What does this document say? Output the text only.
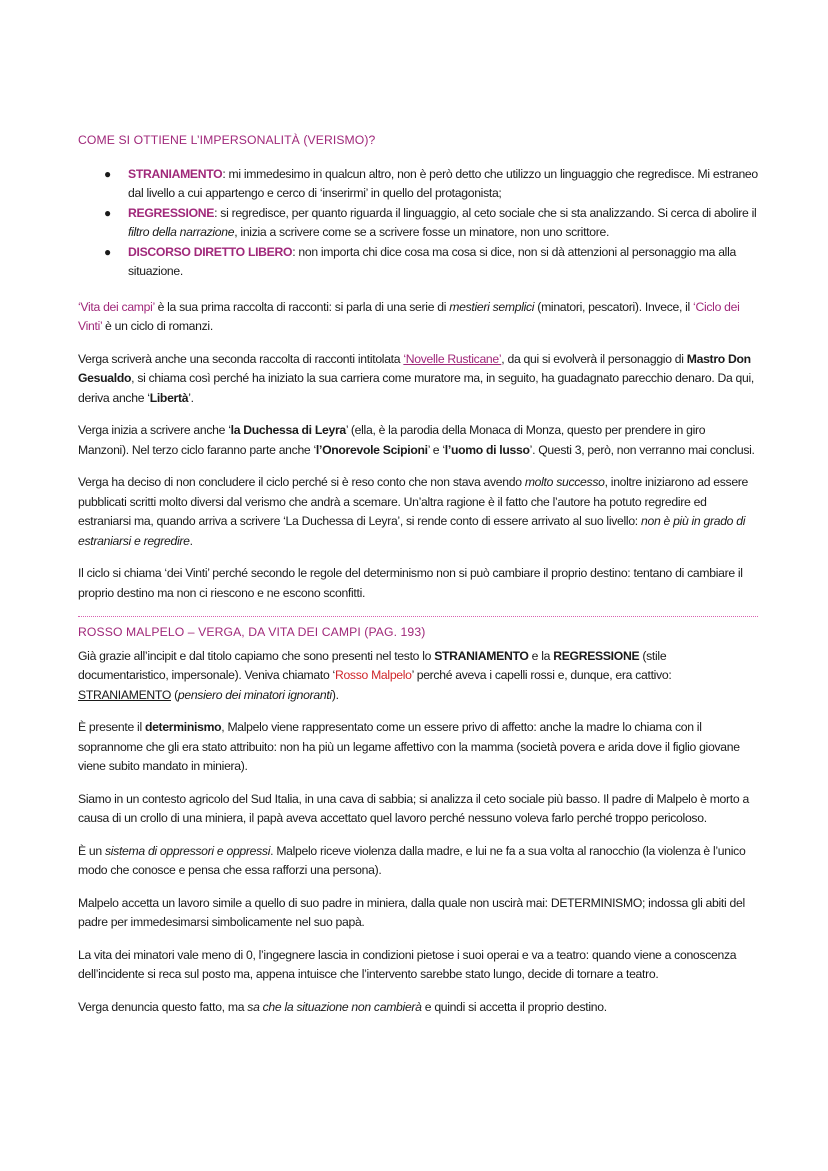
COME SI OTTIENE L’IMPERSONALITÀ (VERISMO)?
● STRANIAMENTO: mi immedesimo in qualcun altro, non è però detto che utilizzo un linguaggio che regredisce. Mi estraneo dal livello a cui appartengo e cerco di ‘inserirmi’ in quello del protagonista;
● REGRESSIONE: si regredisce, per quanto riguarda il linguaggio, al ceto sociale che si sta analizzando. Si cerca di abolire il filtro della narrazione, inizia a scrivere come se a scrivere fosse un minatore, non uno scrittore.
● DISCORSO DIRETTO LIBERO: non importa chi dice cosa ma cosa si dice, non si dà attenzioni al personaggio ma alla situazione.
‘Vita dei campi’ è la sua prima raccolta di racconti: si parla di una serie di mestieri semplici (minatori, pescatori). Invece, il ‘Ciclo dei Vinti’ è un ciclo di romanzi.
Verga scriverà anche una seconda raccolta di racconti intitolata ‘Novelle Rusticane’, da qui si evolverà il personaggio di Mastro Don Gesualdo, si chiama così perché ha iniziato la sua carriera come muratore ma, in seguito, ha guadagnato parecchio denaro. Da qui, deriva anche ‘Libertà’.
Verga inizia a scrivere anche ‘la Duchessa di Leyra’ (ella, è la parodia della Monaca di Monza, questo per prendere in giro Manzoni). Nel terzo ciclo faranno parte anche ‘l’Onorevole Scipioni’ e ‘l’uomo di lusso’. Questi 3, però, non verranno mai conclusi.
Verga ha deciso di non concludere il ciclo perché si è reso conto che non stava avendo molto successo, inoltre iniziarono ad essere pubblicati scritti molto diversi dal verismo che andrà a scemare. Un’altra ragione è il fatto che l’autore ha potuto regredire ed estraniarsi ma, quando arriva a scrivere ‘La Duchessa di Leyra’, si rende conto di essere arrivato al suo livello: non è più in grado di estraniarsi e regredire.
Il ciclo si chiama ‘dei Vinti’ perché secondo le regole del determinismo non si può cambiare il proprio destino: tentano di cambiare il proprio destino ma non ci riescono e ne escono sconfitti.
ROSSO MALPELO – VERGA, DA VITA DEI CAMPI (PAG. 193)
Già grazie all’incipit e dal titolo capiamo che sono presenti nel testo lo STRANIAMENTO e la REGRESSIONE (stile documentaristico, impersonale). Veniva chiamato ‘Rosso Malpelo’ perché aveva i capelli rossi e, dunque, era cattivo: STRANIAMENTO (pensiero dei minatori ignoranti).
È presente il determinismo, Malpelo viene rappresentato come un essere privo di affetto: anche la madre lo chiama con il soprannome che gli era stato attribuito: non ha più un legame affettivo con la mamma (società povera e arida dove il figlio giovane viene subito mandato in miniera).
Siamo in un contesto agricolo del Sud Italia, in una cava di sabbia; si analizza il ceto sociale più basso. Il padre di Malpelo è morto a causa di un crollo di una miniera, il papà aveva accettato quel lavoro perché nessuno voleva farlo perché troppo pericoloso.
È un sistema di oppressori e oppressi. Malpelo riceve violenza dalla madre, e lui ne fa a sua volta al ranocchio (la violenza è l’unico modo che conosce e pensa che essa rafforzi una persona).
Malpelo accetta un lavoro simile a quello di suo padre in miniera, dalla quale non uscirà mai: DETERMINISMO; indossa gli abiti del padre per immedesimarsi simbolicamente nel suo papà.
La vita dei minatori vale meno di 0, l’ingegnere lascia in condizioni pietose i suoi operai e va a teatro: quando viene a conoscenza dell’incidente si reca sul posto ma, appena intuisce che l’intervento sarebbe stato lungo, decide di tornare a teatro.
Verga denuncia questo fatto, ma sa che la situazione non cambierà e quindi si accetta il proprio destino.
